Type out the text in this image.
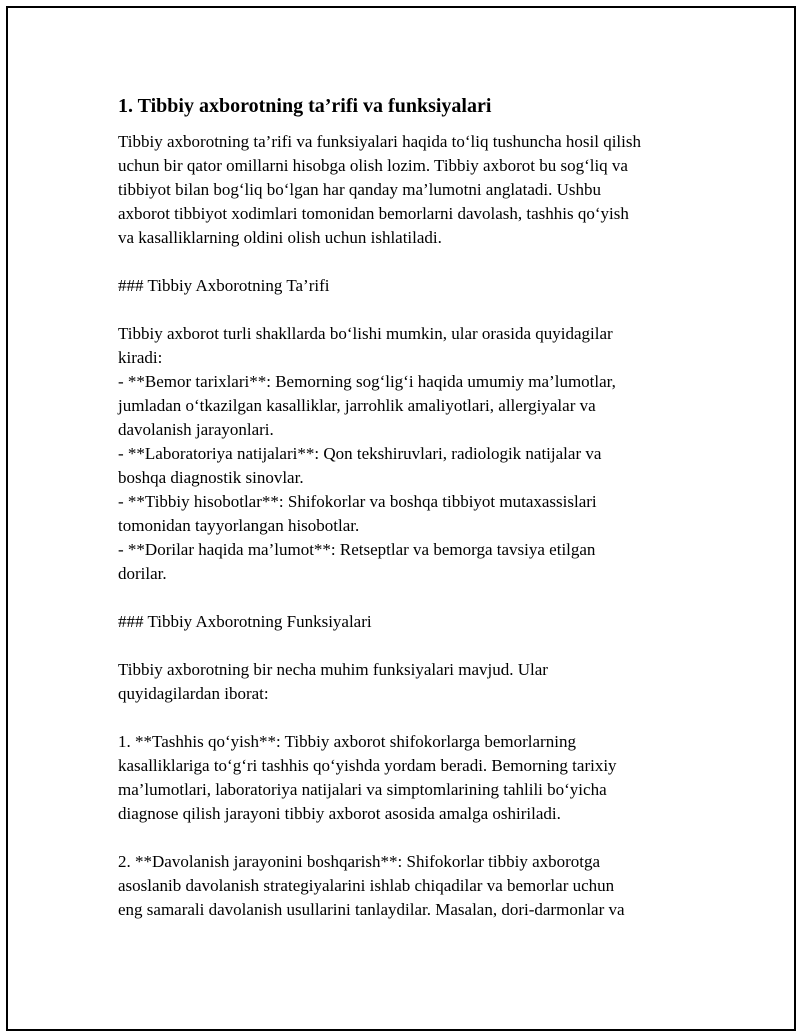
1. Tibbiy axborotning ta’rifi va funksiyalari
Tibbiy axborotning ta’rifi va funksiyalari haqida to‘liq tushuncha hosil qilish
uchun bir qator omillarni hisobga olish lozim. Tibbiy axborot bu sog‘liq va
tibbiyot bilan bog‘liq bo‘lgan har qanday ma’lumotni anglatadi. Ushbu
axborot tibbiyot xodimlari tomonidan bemorlarni davolash, tashhis qo‘yish
va kasalliklarning oldini olish uchun ishlatiladi.
### Tibbiy Axborotning Ta’rifi
Tibbiy axborot turli shakllarda bo‘lishi mumkin, ular orasida quyidagilar
kiradi:
- **Bemor tarixlari**: Bemorning sog‘lig‘i haqida umumiy ma’lumotlar,
jumladan o‘tkazilgan kasalliklar, jarrohlik amaliyotlari, allergiyalar va
davolanish jarayonlari.
- **Laboratoriya natijalari**: Qon tekshiruvlari, radiologik natijalar va
boshqa diagnostik sinovlar.
- **Tibbiy hisobotlar**: Shifokorlar va boshqa tibbiyot mutaxassislari
tomonidan tayyorlangan hisobotlar.
- **Dorilar haqida ma’lumot**: Retseptlar va bemorga tavsiya etilgan
dorilar.
### Tibbiy Axborotning Funksiyalari
Tibbiy axborotning bir necha muhim funksiyalari mavjud. Ular
quyidagilardan iborat:
1. **Tashhis qo‘yish**: Tibbiy axborot shifokorlarga bemorlarning
kasalliklariga to‘g‘ri tashhis qo‘yishda yordam beradi. Bemorning tarixiy
ma’lumotlari, laboratoriya natijalari va simptomlarining tahlili bo‘yicha
diagnose qilish jarayoni tibbiy axborot asosida amalga oshiriladi.
2. **Davolanish jarayonini boshqarish**: Shifokorlar tibbiy axborotga
asoslanib davolanish strategiyalarini ishlab chiqadilar va bemorlar uchun
eng samarali davolanish usullarini tanlaydilar. Masalan, dori-darmonlar va
